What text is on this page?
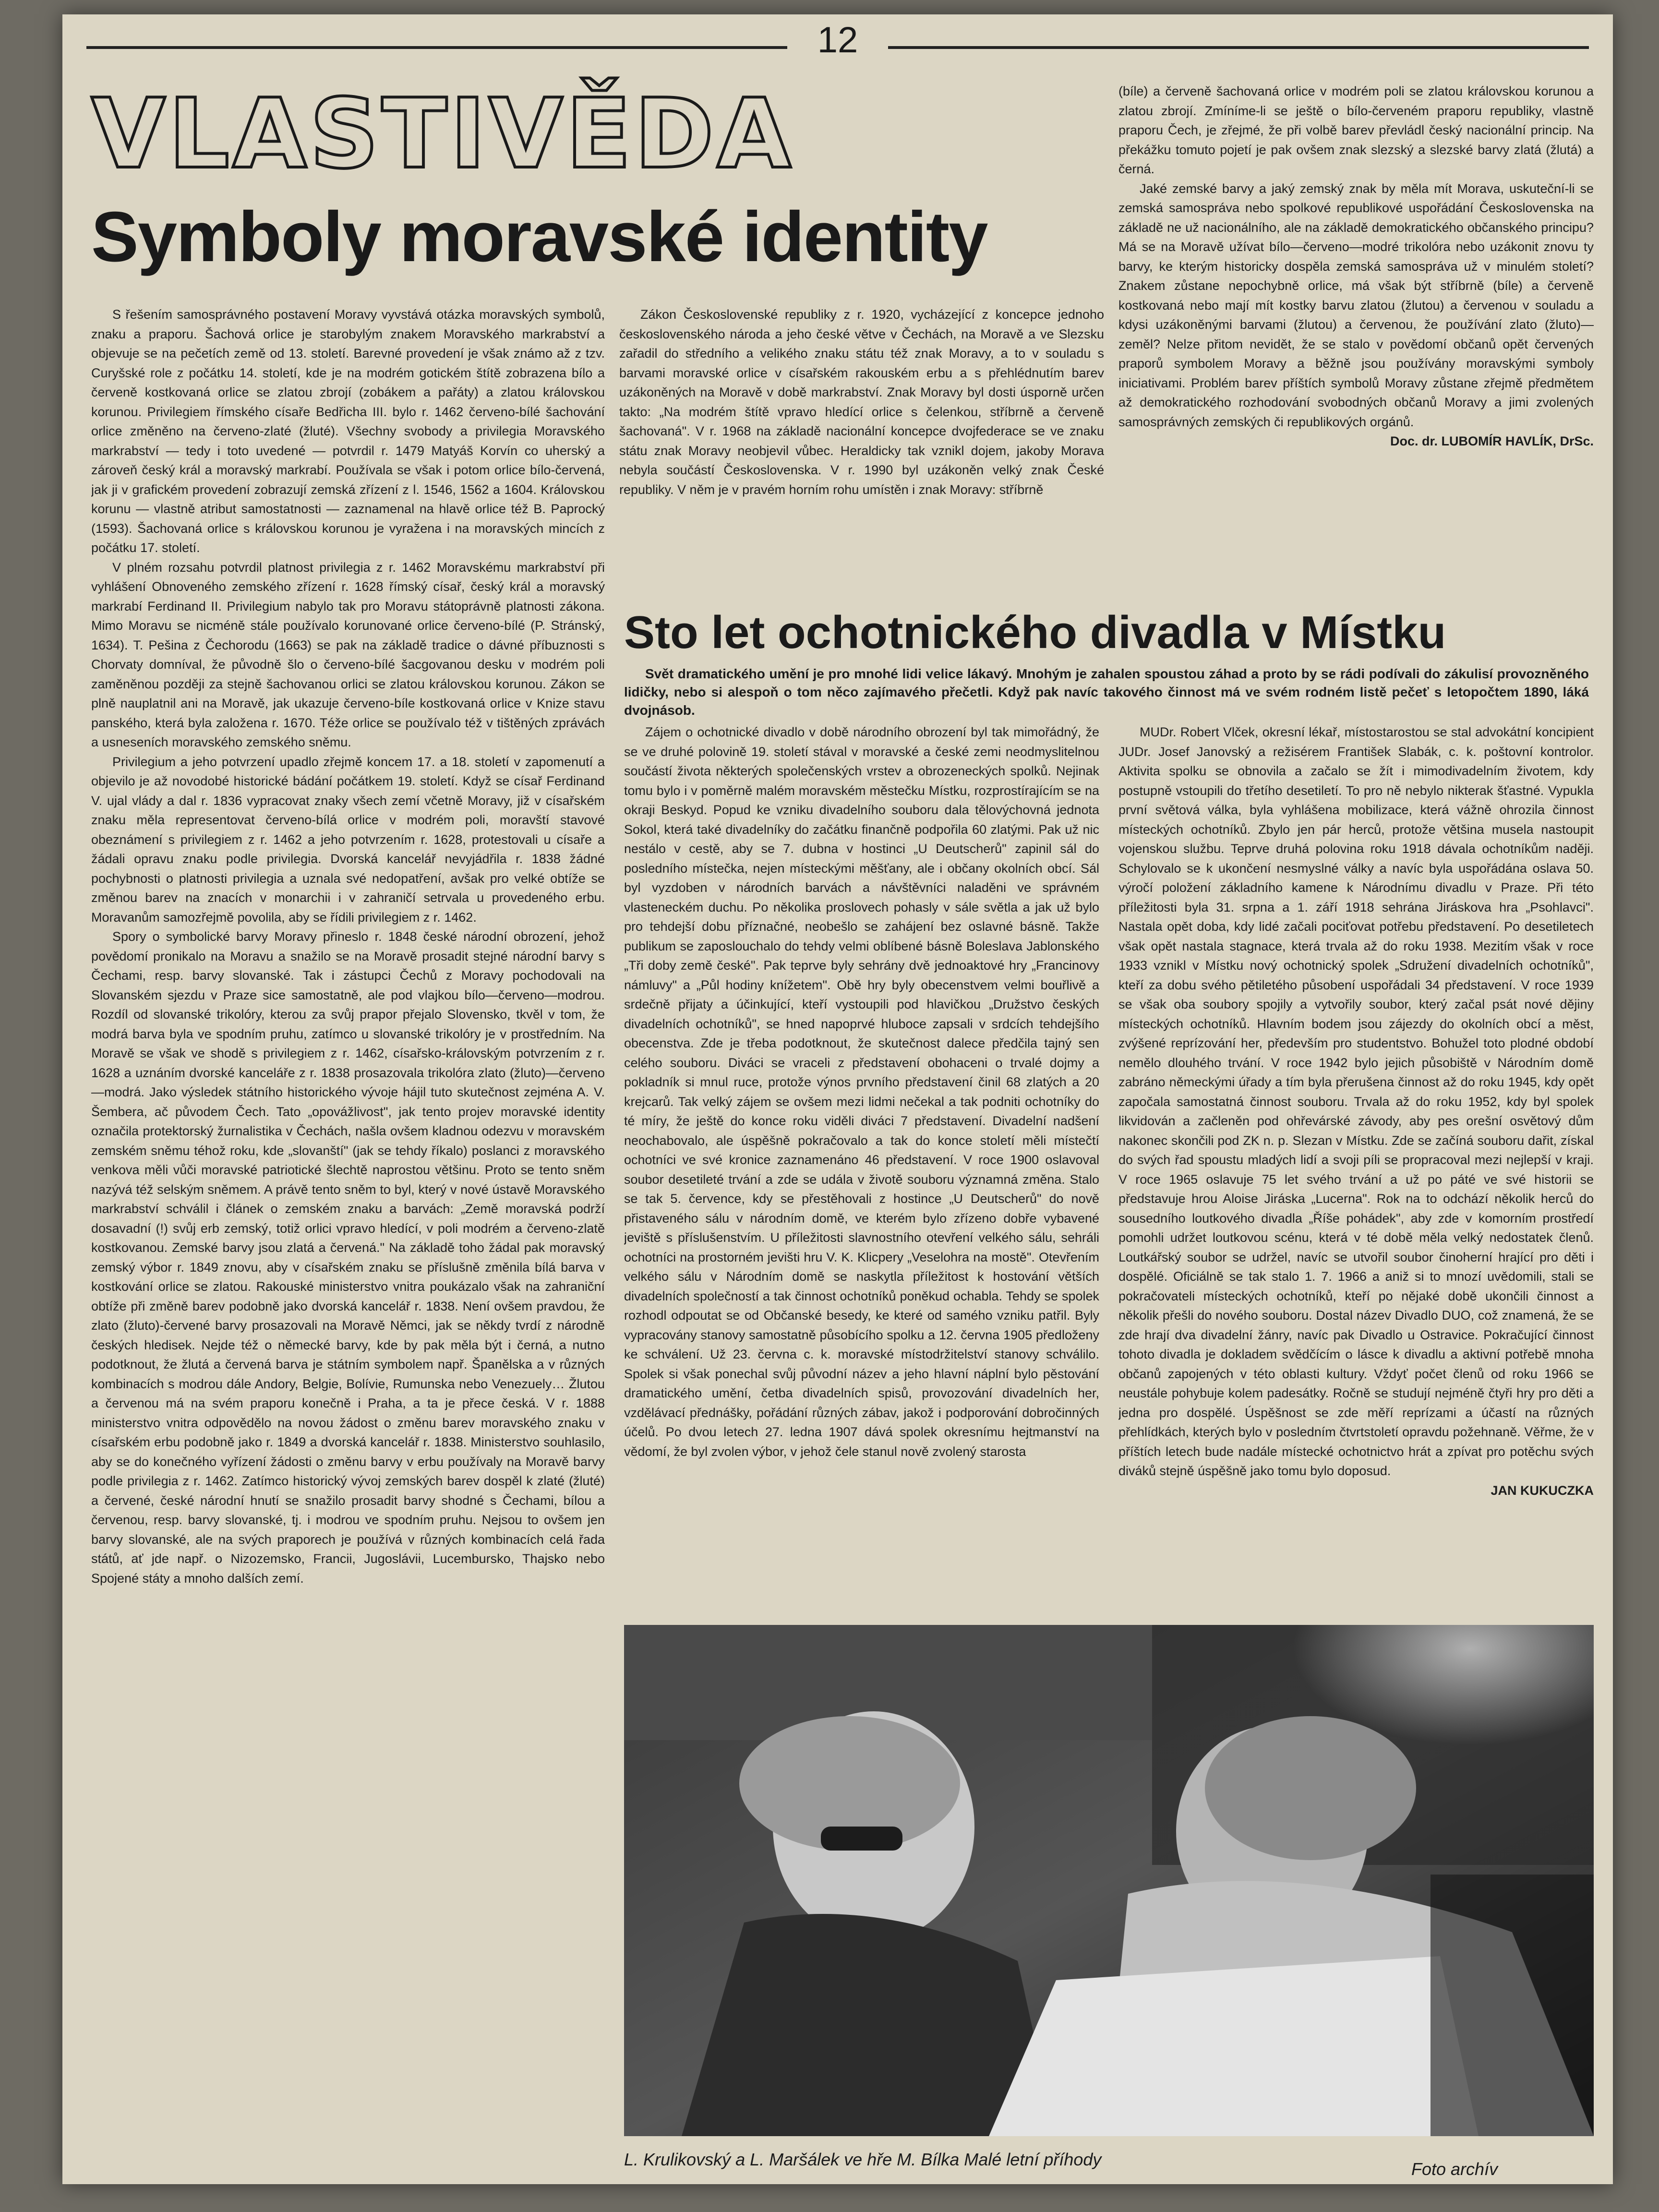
12
VLASTIVĚDA
Symboly moravské identity

S řešením samosprávného postavení Moravy vyvstává otázka moravských symbolů, znaku a praporu. Šachová orlice je starobylým znakem Moravského markrabství a objevuje se na pečetích země od 13. století. Barevné provedení je však známo až z tzv. Curyšské role z počátku 14. století, kde je na modrém gotickém štítě zobrazena bílo a červeně kostkovaná orlice se zlatou zbrojí (zobákem a pařáty) a zlatou královskou korunou. Privilegiem římského císaře Bedřicha III. bylo r. 1462 červeno-bílé šachování orlice změněno na červeno-zlaté (žluté). Všechny svobody a privilegia Moravského markrabství — tedy i toto uvedené — potvrdil r. 1479 Matyáš Korvín co uherský a zároveň český král a moravský markrabí. Používala se však i potom orlice bílo-červená, jak ji v grafickém provedení zobrazují zemská zřízení z l. 1546, 1562 a 1604. Královskou korunu — vlastně atribut samostatnosti — zaznamenal na hlavě orlice též B. Paprocký (1593). Šachovaná orlice s královskou korunou je vyražena i na moravských mincích z počátku 17. století.

V plném rozsahu potvrdil platnost privilegia z r. 1462 Moravskému markrabství při vyhlášení Obnoveného zemského zřízení r. 1628 římský císař, český král a moravský markrabí Ferdinand II. Privilegium nabylo tak pro Moravu státoprávně platnosti zákona. Mimo Moravu se nicméně stále používalo korunované orlice červeno-bílé (P. Stránský, 1634). T. Pešina z Čechorodu (1663) se pak na základě tradice o dávné příbuznosti s Chorvaty domníval, že původně šlo o červeno-bílé šacgovanou desku v modrém poli zaměněnou později za stejně šachovanou orlici se zlatou královskou korunou. Zákon se plně nauplatnil ani na Moravě, jak ukazuje červeno-bíle kostkovaná orlice v Knize stavu panského, která byla založena r. 1670. Téže orlice se používalo též v tištěných zprávách a usneseních moravského zemského sněmu.

Privilegium a jeho potvrzení upadlo zřejmě koncem 17. a 18. století v zapomenutí a objevilo je až novodobé historické bádání počátkem 19. století. Když se císař Ferdinand V. ujal vlády a dal r. 1836 vypracovat znaky všech zemí včetně Moravy, již v císařském znaku měla representovat červeno-bílá orlice v modrém poli, moravští stavové obeznámení s privilegiem z r. 1462 a jeho potvrzením r. 1628, protestovali u císaře a žádali opravu znaku podle privilegia. Dvorská kancelář nevyjádřila r. 1838 žádné pochybnosti o platnosti privilegia a uznala své nedopatření, avšak pro velké obtíže se změnou barev na znacích v monarchii i v zahraničí setrvala u provedeného erbu. Moravanům samozřejmě povolila, aby se řídili privilegiem z r. 1462.

Spory o symbolické barvy Moravy přineslo r. 1848 české národní obrození, jehož povědomí pronikalo na Moravu a snažilo se na Moravě prosadit stejné národní barvy s Čechami, resp. barvy slovanské. Tak i zástupci Čechů z Moravy pochodovali na Slovanském sjezdu v Praze sice samostatně, ale pod vlajkou bílo—červeno—modrou. Rozdíl od slovanské trikolóry, kterou za svůj prapor přejalo Slovensko, tkvěl v tom, že modrá barva byla ve spodním pruhu, zatímco u slovanské trikolóry je v prostředním. Na Moravě se však ve shodě s privilegiem z r. 1462, císařsko-královským potvrzením z r. 1628 a uznáním dvorské kanceláře z r. 1838 prosazovala trikolóra zlato (žluto)—červeno—modrá. Jako výsledek státního historického vývoje hájil tuto skutečnost zejména A. V. Šembera, ač původem Čech. Tato „opovážlivost", jak tento projev moravské identity označila protektorský žurnalistika v Čechách, našla ovšem kladnou odezvu v moravském zemském sněmu téhož roku, kde „slovanští" (jak se tehdy říkalo) poslanci z moravského venkova měli vůči moravské patriotické šlechtě naprostou většinu. Proto se tento sněm nazývá též selským sněmem. A právě tento sněm to byl, který v nové ústavě Moravského markrabství schválil i článek o zemském znaku a barvách: „Země moravská podrží dosavadní (!) svůj erb zemský, totiž orlici vpravo hledící, v poli modrém a červeno-zlatě kostkovanou. Zemské barvy jsou zlatá a červená." Na základě toho žádal pak moravský zemský výbor r. 1849 znovu, aby v císařském znaku se příslušně změnila bílá barva v kostkování orlice se zlatou. Rakouské ministerstvo vnitra poukázalo však na zahraniční obtíže při změně barev podobně jako dvorská kancelář r. 1838. Není ovšem pravdou, že zlato (žluto)-červené barvy prosazovali na Moravě Němci, jak se někdy tvrdí z národně českých hledisek. Nejde též o německé barvy, kde by pak měla být i černá, a nutno podotknout, že žlutá a červená barva je státním symbolem např. Španělska a v různých kombinacích s modrou dále Andory, Belgie, Bolívie, Rumunska nebo Venezuely… Žlutou a červenou má na svém praporu konečně i Praha, a ta je přece česká. V r. 1888 ministerstvo vnitra odpovědělo na novou žádost o změnu barev moravského znaku v císařském erbu podobně jako r. 1849 a dvorská kancelář r. 1838. Ministerstvo souhlasilo, aby se do konečného vyřízení žádosti o změnu barvy v erbu používaly na Moravě barvy podle privilegia z r. 1462. Zatímco historický vývoj zemských barev dospěl k zlaté (žluté) a červené, české národní hnutí se snažilo prosadit barvy shodné s Čechami, bílou a červenou, resp. barvy slovanské, tj. i modrou ve spodním pruhu. Nejsou to ovšem jen barvy slovanské, ale na svých praporech je používá v různých kombinacích celá řada států, ať jde např. o Nizozemsko, Francii, Jugoslávii, Lucembursko, Thajsko nebo Spojené státy a mnoho dalších zemí.

Zákon Československé republiky z r. 1920, vycházející z koncepce jednoho československého národa a jeho české větve v Čechách, na Moravě a ve Slezsku zařadil do středního a velikého znaku státu též znak Moravy, a to v souladu s barvami moravské orlice v císařském rakouském erbu a s přehlédnutím barev uzákoněných na Moravě v době markrabství. Znak Moravy byl dosti úsporně určen takto: „Na modrém štítě vpravo hledící orlice s čelenkou, stříbrně a červeně šachovaná". V r. 1968 na základě nacionální koncepce dvojfederace se ve znaku státu znak Moravy neobjevil vůbec. Heraldicky tak vznikl dojem, jakoby Morava nebyla součástí Československa. V r. 1990 byl uzákoněn velký znak České republiky. V něm je v pravém horním rohu umístěn i znak Moravy: stříbrně

(bíle) a červeně šachovaná orlice v modrém poli se zlatou královskou korunou a zlatou zbrojí. Zmíníme-li se ještě o bílo-červeném praporu republiky, vlastně praporu Čech, je zřejmé, že při volbě barev převládl český nacionální princip. Na překážku tomuto pojetí je pak ovšem znak slezský a slezské barvy zlatá (žlutá) a černá.

Jaké zemské barvy a jaký zemský znak by měla mít Morava, uskuteční-li se zemská samospráva nebo spolkové republikové uspořádání Československa na základě ne už nacionálního, ale na základě demokratického občanského principu? Má se na Moravě užívat bílo—červeno—modré trikolóra nebo uzákonit znovu ty barvy, ke kterým historicky dospěla zemská samospráva už v minulém století? Znakem zůstane nepochybně orlice, má však být stříbrně (bíle) a červeně kostkovaná nebo mají mít kostky barvu zlatou (žlutou) a červenou v souladu a kdysi uzákoněnými barvami (žlutou) a červenou, že používání zlato (žluto)—zeměl? Nelze přitom nevidět, že se stalo v povědomí občanů opět červených praporů symbolem Moravy a běžně jsou používány moravskými symboly iniciativami. Problém barev příštích symbolů Moravy zůstane zřejmě předmětem až demokratického rozhodování svobodných občanů Moravy a jimi zvolených samosprávných zemských či republikových orgánů.

Doc. dr. LUBOMÍR HAVLÍK, DrSc.

Sto let ochotnického divadla v Místku

Svět dramatického umění je pro mnohé lidi velice lákavý. Mnohým je zahalen spoustou záhad a proto by se rádi podívali do zákulisí provozněného lidičky, nebo si alespoň o tom něco zajímavého přečetli. Když pak navíc takového činnost má ve svém rodném listě pečeť s letopočtem 1890, láká dvojnásob.

Zájem o ochotnické divadlo v době národního obrození byl tak mimořádný, že se ve druhé polovině 19. století stával v moravské a české zemi neodmyslitelnou součástí života některých společenských vrstev a obrozeneckých spolků. Nejinak tomu bylo i v poměrně malém moravském městečku Místku, rozprostírajícím se na okraji Beskyd. Popud ke vzniku divadelního souboru dala tělovýchovná jednota Sokol, která také divadelníky do začátku finančně podpořila 60 zlatými. Pak už nic nestálo v cestě, aby se 7. dubna v hostinci „U Deutscherů" zapinil sál do posledního místečka, nejen místeckými měšťany, ale i občany okolních obcí. Sál byl vyzdoben v národních barvách a návštěvníci naladěni ve správném vlasteneckém duchu. Po několika proslovech pohasly v sále světla a jak už bylo pro tehdejší dobu příznačné, neobešlo se zahájení bez oslavné básně. Takže publikum se zaposlouchalo do tehdy velmi oblíbené básně Boleslava Jablonského „Tři doby země české". Pak teprve byly sehrány dvě jednoaktové hry „Francinovy námluvy" a „Půl hodiny knížetem". Obě hry byly obecenstvem velmi bouřlivě a srdečně přijaty a účinkující, kteří vystoupili pod hlavičkou „Družstvo českých divadelních ochotníků", se hned napoprvé hluboce zapsali v srdcích tehdejšího obecenstva. Zde je třeba podotknout, že skutečnost dalece předčila tajný sen celého souboru. Diváci se vraceli z představení obohaceni o trvalé dojmy a pokladník si mnul ruce, protože výnos prvního představení činil 68 zlatých a 20 krejcarů. Tak velký zájem se ovšem mezi lidmi nečekal a tak podniti ochotníky do té míry, že ještě do konce roku viděli diváci 7 představení. Divadelní nadšení neochabovalo, ale úspěšně pokračovalo a tak do konce století měli místečtí ochotníci ve své kronice zaznamenáno 46 představení. V roce 1900 oslavoval soubor desetileté trvání a zde se udála v životě souboru významná změna. Stalo se tak 5. července, kdy se přestěhovali z hostince „U Deutscherů" do nově přistaveného sálu v národním domě, ve kterém bylo zřízeno dobře vybavené jeviště s příslušenstvím. U příležitosti slavnostního otevření velkého sálu, sehráli ochotníci na prostorném jevišti hru V. K. Klicpery „Veselohra na mostě". Otevřením velkého sálu v Národním domě se naskytla příležitost k hostování větších divadelních společností a tak činnost ochotníků poněkud ochabla. Tehdy se spolek rozhodl odpoutat se od Občanské besedy, ke které od samého vzniku patřil. Byly vypracovány stanovy samostatně působícího spolku a 12. června 1905 předloženy ke schválení. Už 23. června c. k. moravské místodržitelství stanovy schválilo. Spolek si však ponechal svůj původní název a jeho hlavní náplní bylo pěstování dramatického umění, četba divadelních spisů, provozování divadelních her, vzdělávací přednášky, pořádání různých zábav, jakož i podporování dobročinných účelů. Po dvou letech 27. ledna 1907 dává spolek okresnímu hejtmanství na vědomí, že byl zvolen výbor, v jehož čele stanul nově zvolený starosta

MUDr. Robert Vlček, okresní lékař, místostarostou se stal advokátní koncipient JUDr. Josef Janovský a režisérem František Slabák, c. k. poštovní kontrolor. Aktivita spolku se obnovila a začalo se žít i mimodivadelním životem, kdy postupně vstoupili do třetího desetiletí. To pro ně nebylo nikterak šťastné. Vypukla první světová válka, byla vyhlášena mobilizace, která vážně ohrozila činnost místeckých ochotníků. Zbylo jen pár herců, protože většina musela nastoupit vojenskou službu. Teprve druhá polovina roku 1918 dávala ochotníkům naději. Schylovalo se k ukončení nesmyslné války a navíc byla uspořádána oslava 50. výročí položení základního kamene k Národnímu divadlu v Praze. Při této příležitosti byla 31. srpna a 1. září 1918 sehrána Jiráskova hra „Psohlavci". Nastala opět doba, kdy lidé začali pociťovat potřebu představení. Po desetiletech však opět nastala stagnace, která trvala až do roku 1938. Mezitím však v roce 1933 vznikl v Místku nový ochotnický spolek „Sdružení divadelních ochotníků", kteří za dobu svého pětiletého působení uspořádali 34 představení. V roce 1939 se však oba soubory spojily a vytvořily soubor, který začal psát nové dějiny místeckých ochotníků. Hlavním bodem jsou zájezdy do okolních obcí a měst, zvýšené reprízování her, především pro studentstvo. Bohužel toto plodné období nemělo dlouhého trvání. V roce 1942 bylo jejich působiště v Národním domě zabráno německými úřady a tím byla přerušena činnost až do roku 1945, kdy opět započala samostatná činnost souboru. Trvala až do roku 1952, kdy byl spolek likvidován a začleněn pod ohřevárské závody, aby pes orešní osvětový dům nakonec skončili pod ZK n. p. Slezan v Místku. Zde se začíná souboru dařit, získal do svých řad spoustu mladých lidí a svoji píli se propracoval mezi nejlepší v kraji. V roce 1965 oslavuje 75 let svého trvání a už po páté ve své historii se představuje hrou Aloise Jiráska „Lucerna". Rok na to odchází několik herců do sousedního loutkového divadla „Říše pohádek", aby zde v komorním prostředí pomohli udržet loutkovou scénu, která v té době měla velký nedostatek členů. Loutkářský soubor se udržel, navíc se utvořil soubor činoherní hrající pro děti i dospělé. Oficiálně se tak stalo 1. 7. 1966 a aniž si to mnozí uvědomili, stali se pokračovateli místeckých ochotníků, kteří po nějaké době ukončili činnost a několik přešli do nového souboru. Dostal název Divadlo DUO, což znamená, že se zde hrají dva divadelní žánry, navíc pak Divadlo u Ostravice. Pokračující činnost tohoto divadla je dokladem svědčícím o lásce k divadlu a aktivní potřebě mnoha občanů zapojených v této oblasti kultury. Vždyť počet členů od roku 1966 se neustále pohybuje kolem padesátky. Ročně se studují nejméně čtyři hry pro děti a jedna pro dospělé. Úspěšnost se zde měří reprízami a účastí na různých přehlídkách, kterých bylo v posledním čtvrtstoletí opravdu požehnaně. Věřme, že v příštích letech bude nadále místecké ochotnictvo hrát a zpívat pro potěchu svých diváků stejně úspěšně jako tomu bylo doposud.

JAN KUKUCZKA

L. Krulikovský a L. Maršálek ve hře M. Bílka Malé letní příhody	Foto archív
